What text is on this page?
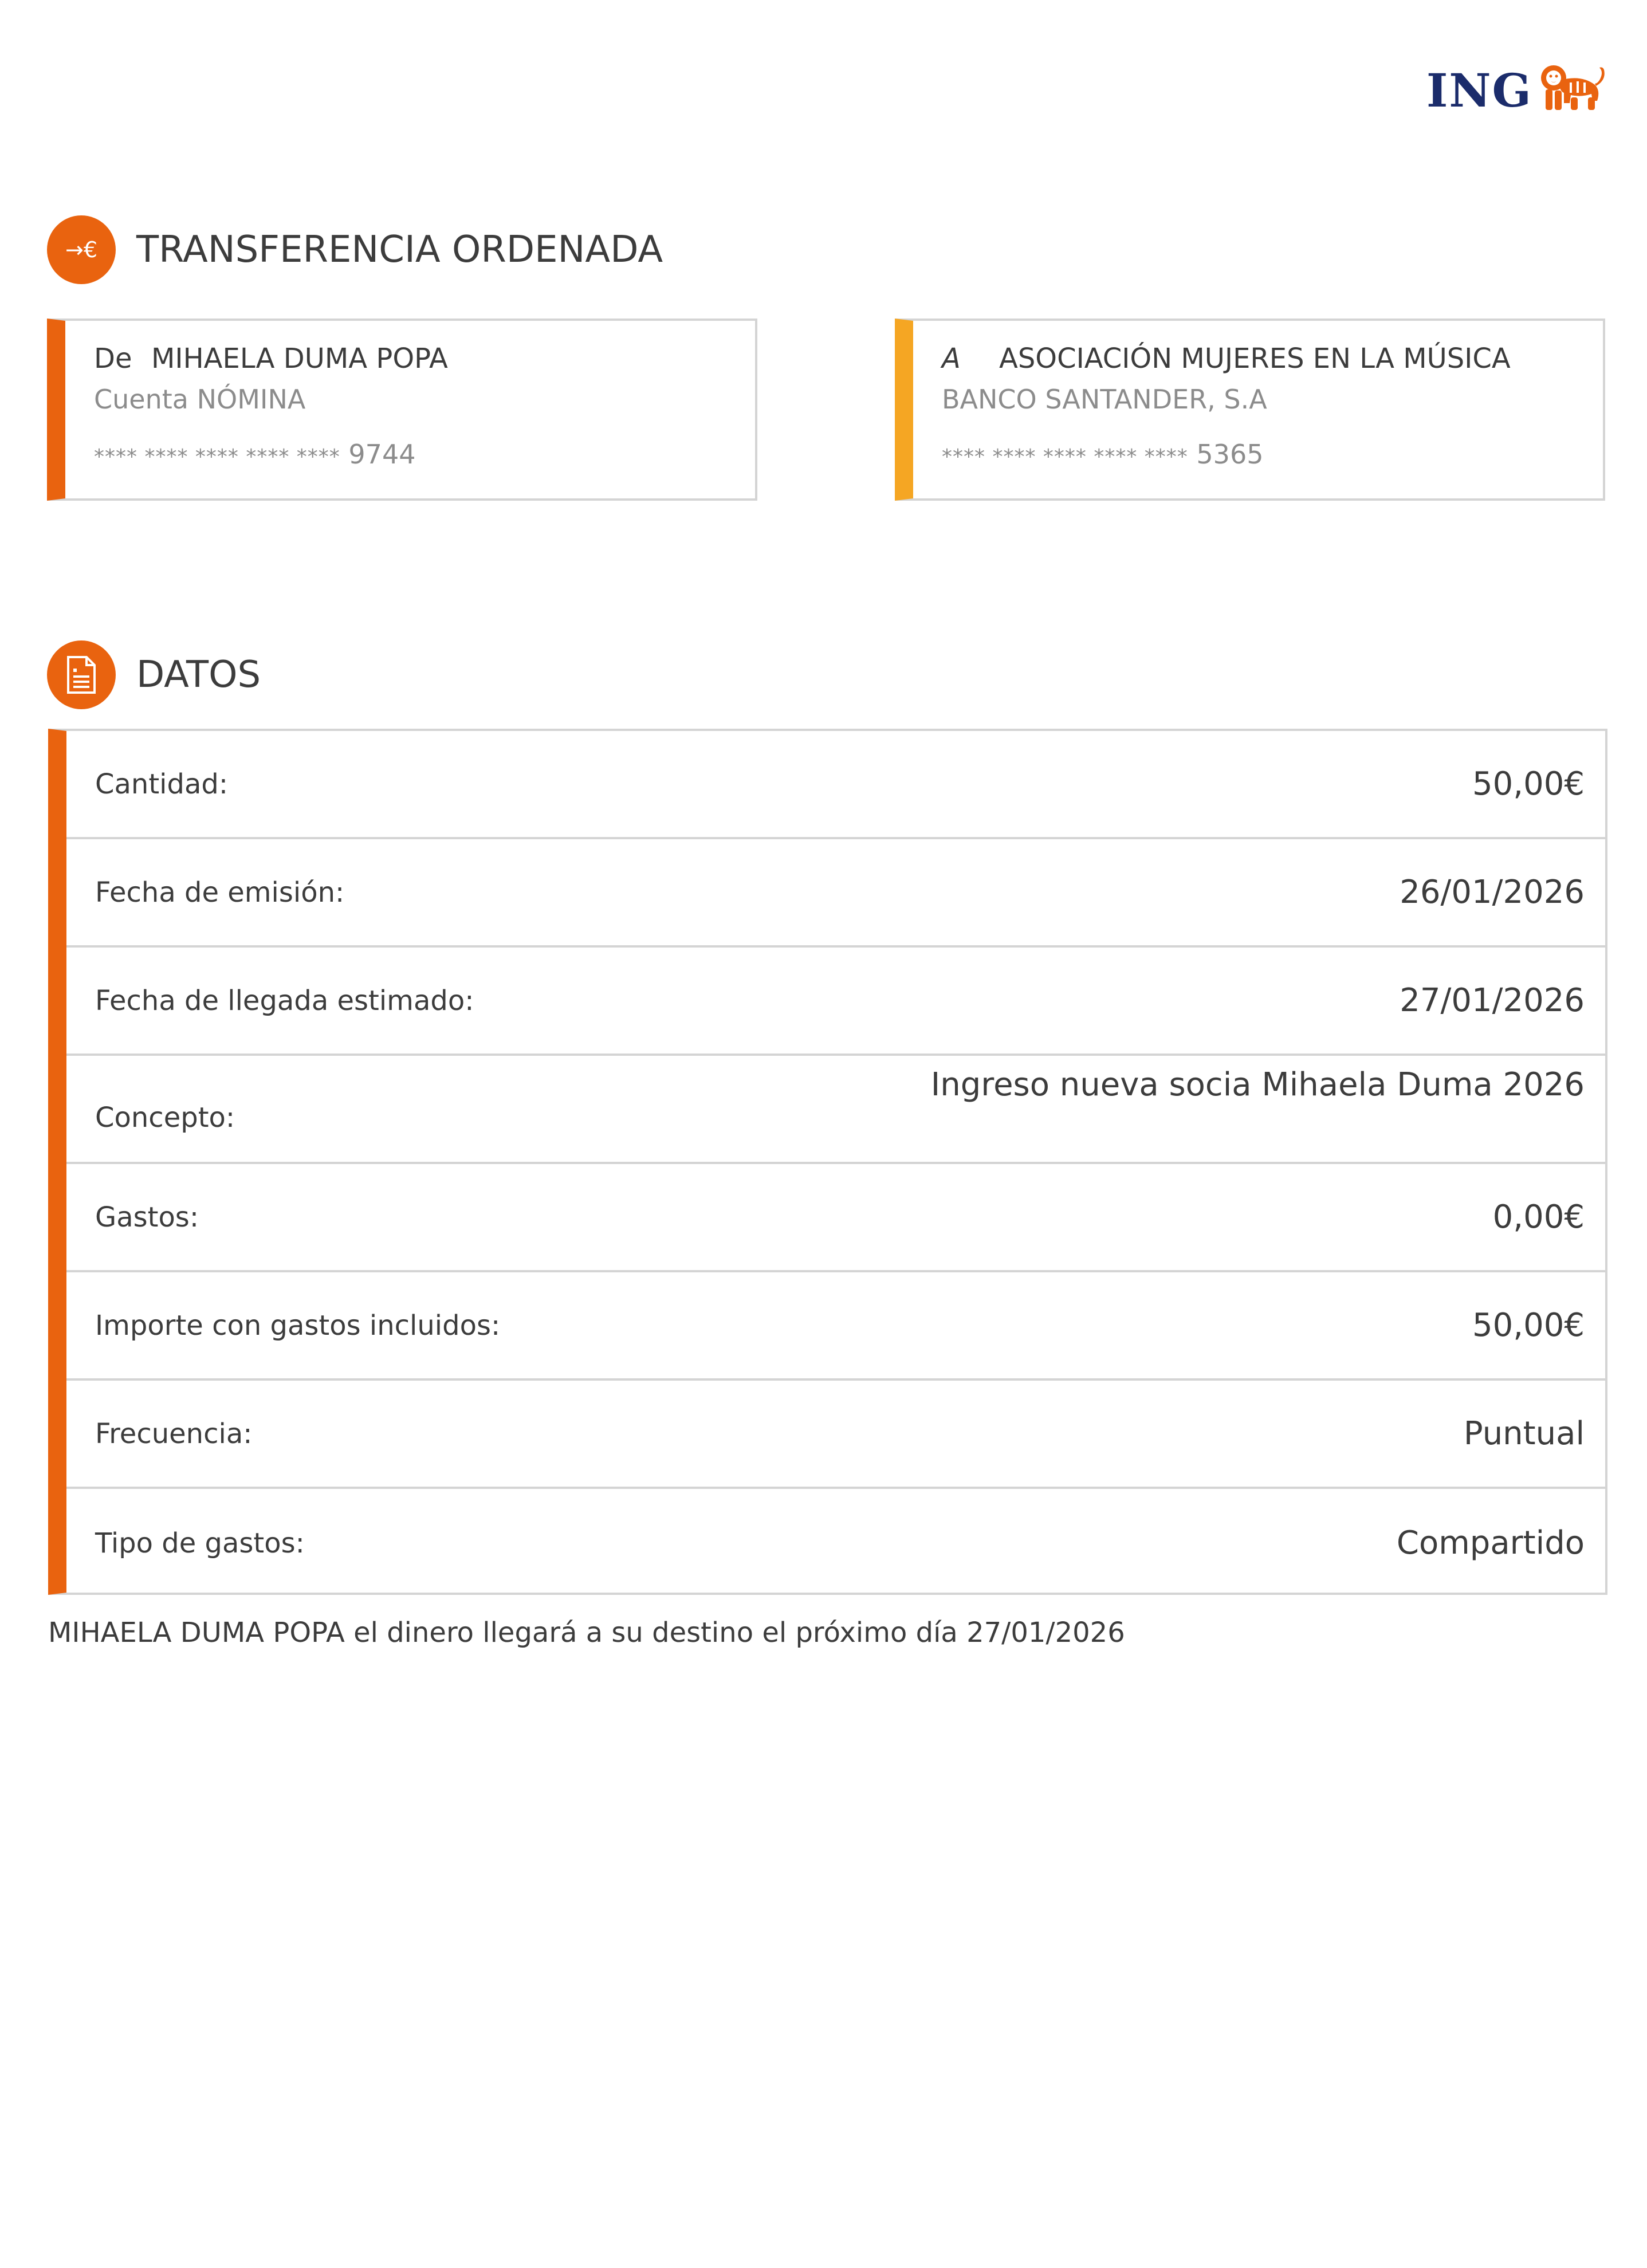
ING
→€ TRANSFERENCIA ORDENADA
De MIHAELA DUMA POPA
Cuenta NÓMINA
**** **** **** **** **** 9744
A ASOCIACIÓN MUJERES EN LA MÚSICA
BANCO SANTANDER, S.A
**** **** **** **** **** 5365
DATOS
Cantidad:	50,00€
Fecha de emisión:	26/01/2026
Fecha de llegada estimado:	27/01/2026
Concepto:
Ingreso nueva socia Mihaela Duma 2026
Gastos:	0,00€
Importe con gastos incluidos:	50,00€
Frecuencia:	Puntual
Tipo de gastos:	Compartido
MIHAELA DUMA POPA el dinero llegará a su destino el próximo día 27/01/2026
